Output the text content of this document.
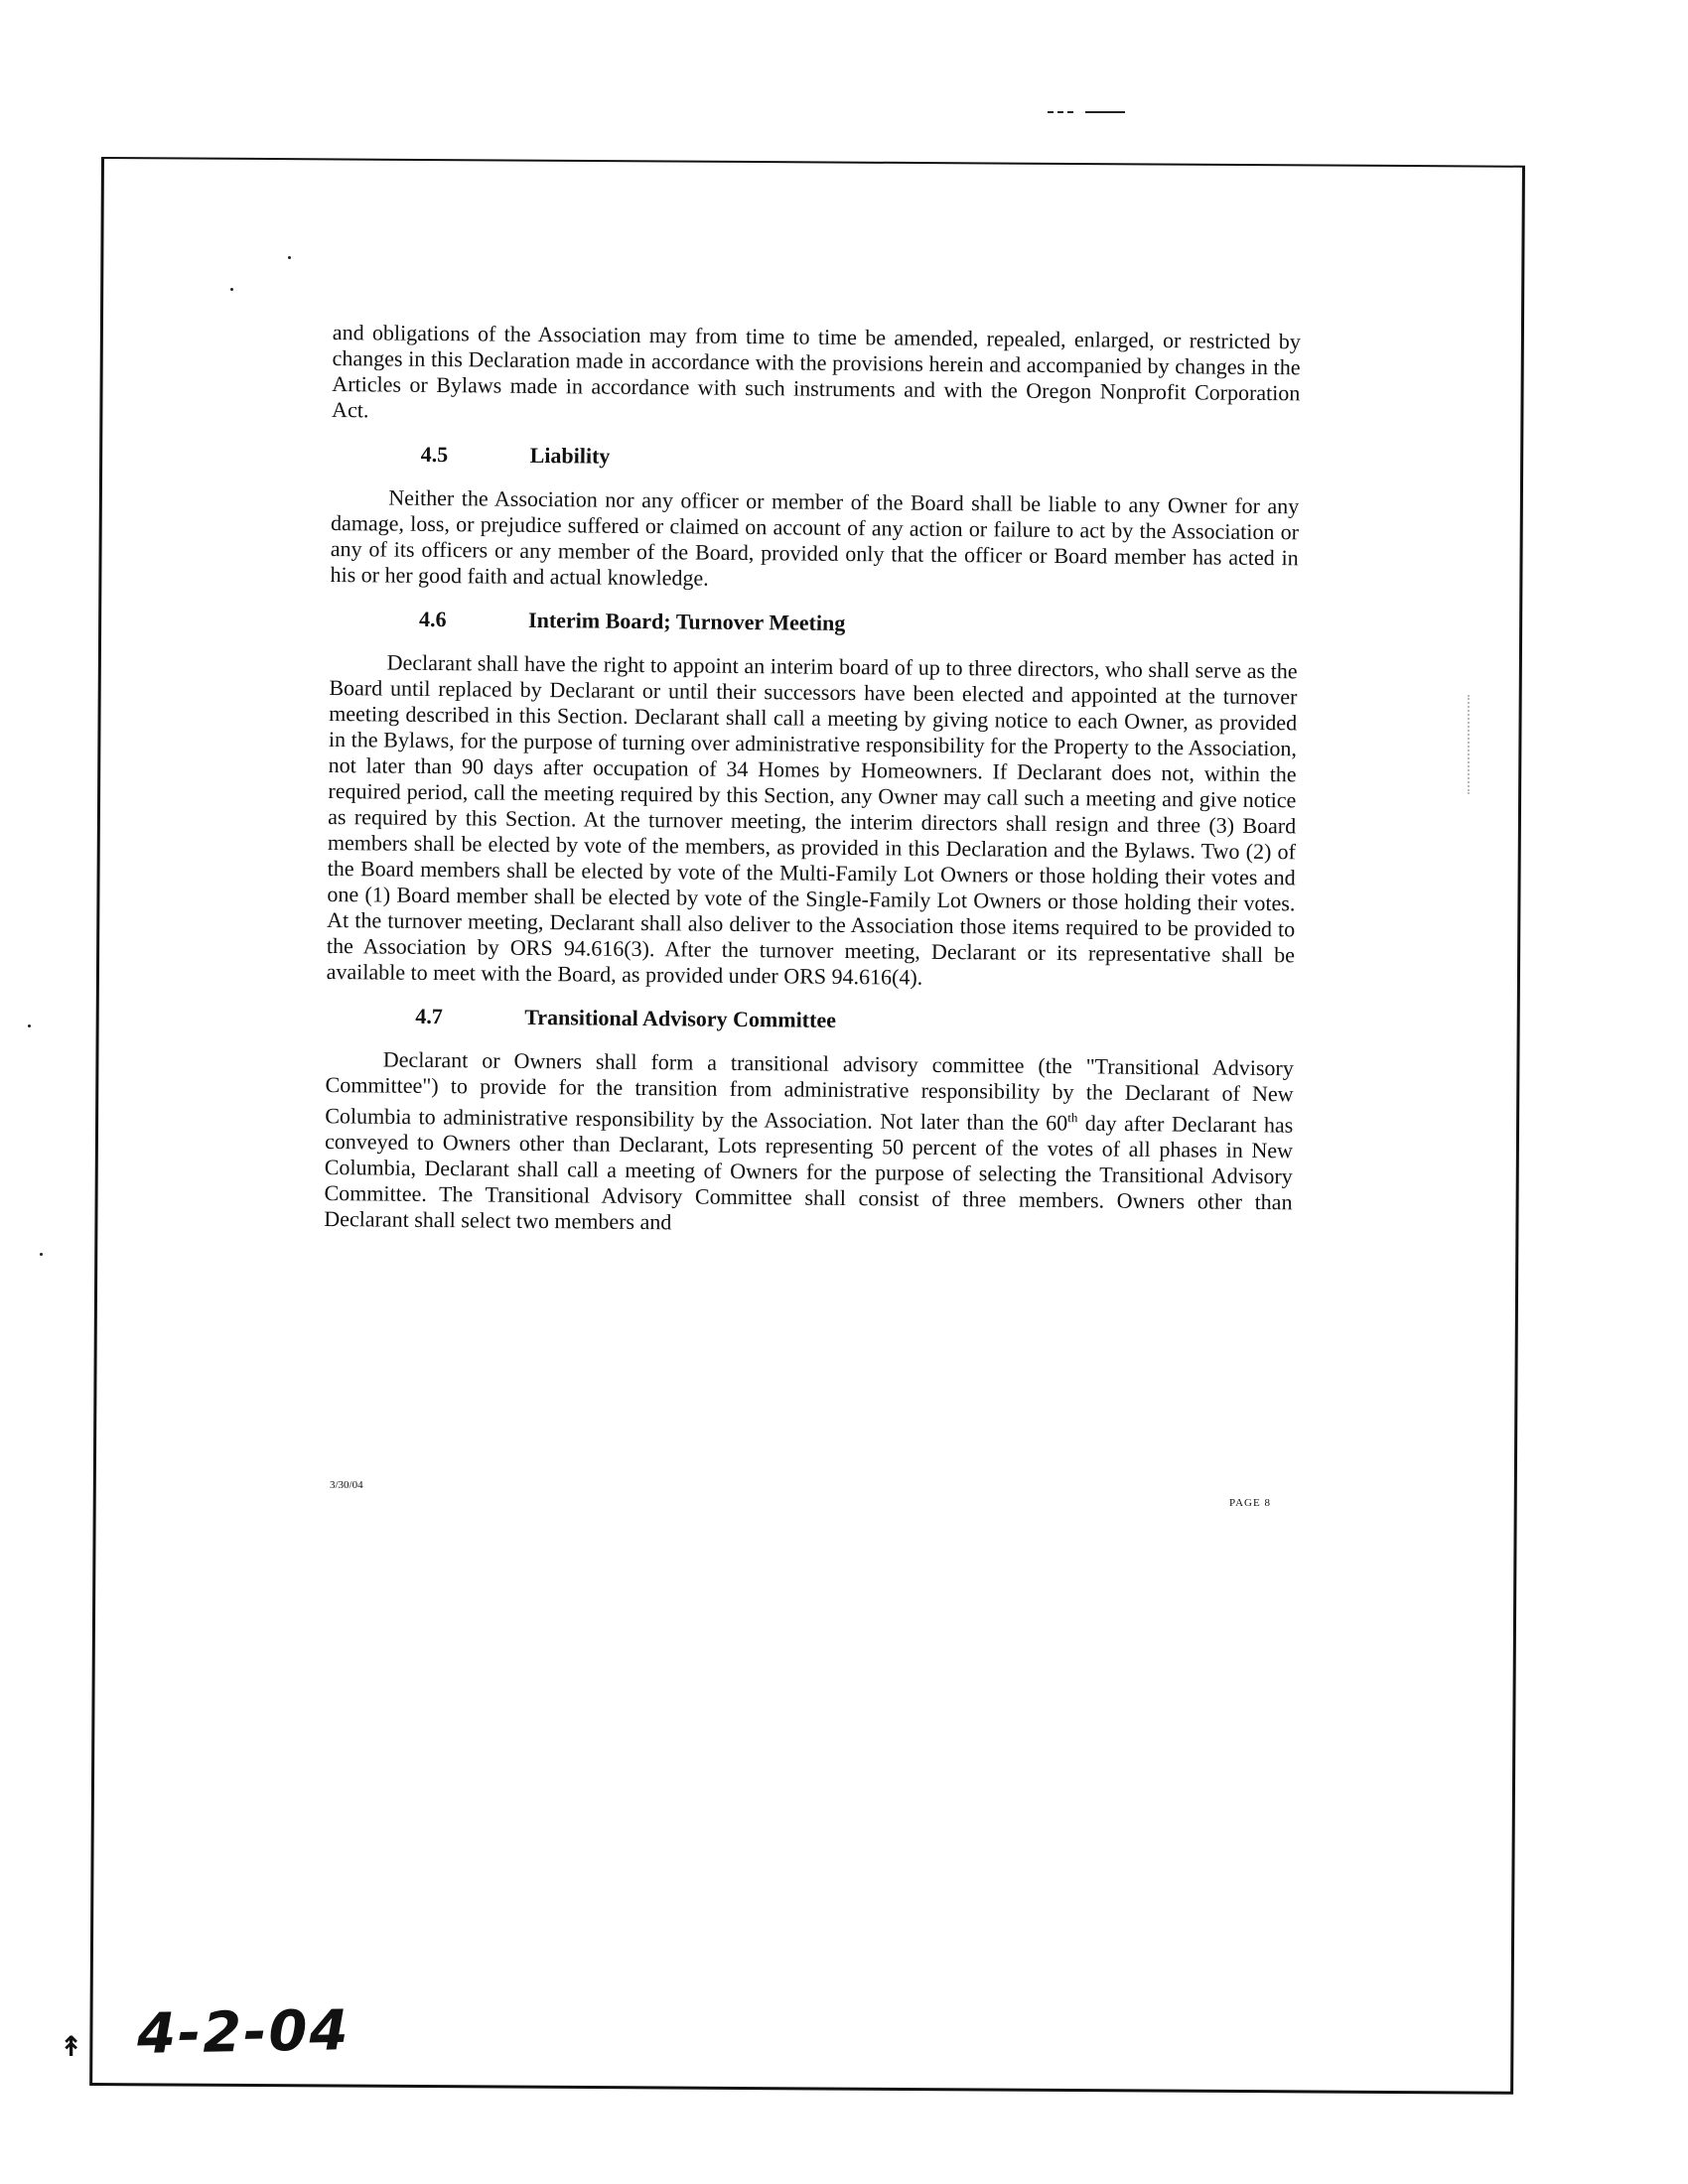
and obligations of the Association may from time to time be amended, repealed, enlarged, or restricted by changes in this Declaration made in accordance with the provisions herein and accompanied by changes in the Articles or Bylaws made in accordance with such instruments and with the Oregon Nonprofit Corporation Act.

4.5	Liability

Neither the Association nor any officer or member of the Board shall be liable to any Owner for any damage, loss, or prejudice suffered or claimed on account of any action or failure to act by the Association or any of its officers or any member of the Board, provided only that the officer or Board member has acted in his or her good faith and actual knowledge.

4.6	Interim Board; Turnover Meeting

Declarant shall have the right to appoint an interim board of up to three directors, who shall serve as the Board until replaced by Declarant or until their successors have been elected and appointed at the turnover meeting described in this Section. Declarant shall call a meeting by giving notice to each Owner, as provided in the Bylaws, for the purpose of turning over administrative responsibility for the Property to the Association, not later than 90 days after occupation of 34 Homes by Homeowners. If Declarant does not, within the required period, call the meeting required by this Section, any Owner may call such a meeting and give notice as required by this Section. At the turnover meeting, the interim directors shall resign and three (3) Board members shall be elected by vote of the members, as provided in this Declaration and the Bylaws. Two (2) of the Board members shall be elected by vote of the Multi-Family Lot Owners or those holding their votes and one (1) Board member shall be elected by vote of the Single-Family Lot Owners or those holding their votes. At the turnover meeting, Declarant shall also deliver to the Association those items required to be provided to the Association by ORS 94.616(3). After the turnover meeting, Declarant or its representative shall be available to meet with the Board, as provided under ORS 94.616(4).

4.7	Transitional Advisory Committee

Declarant or Owners shall form a transitional advisory committee (the "Transitional Advisory Committee") to provide for the transition from administrative responsibility by the Declarant of New Columbia to administrative responsibility by the Association. Not later than the 60th day after Declarant has conveyed to Owners other than Declarant, Lots representing 50 percent of the votes of all phases in New Columbia, Declarant shall call a meeting of Owners for the purpose of selecting the Transitional Advisory Committee. The Transitional Advisory Committee shall consist of three members. Owners other than Declarant shall select two members and

3/30/04
PAGE 8
↟ 4-2-04
